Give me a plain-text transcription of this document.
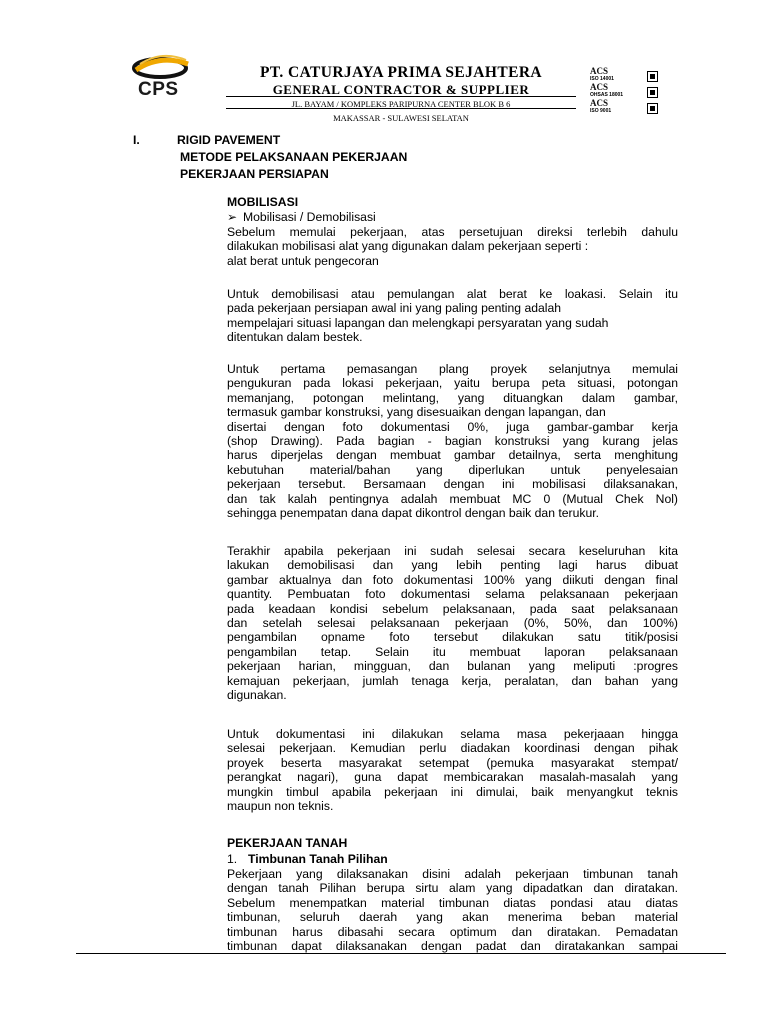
CPS
PT. CATURJAYA PRIMA SEJAHTERA
GENERAL CONTRACTOR & SUPPLIER
JL. BAYAM / KOMPLEKS PARIPURNA CENTER BLOK B 6
MAKASSAR - SULAWESI SELATAN
ACS
ISO 14001
ACS
OHSAS 18001
ACS
ISO 9001
I.	RIGID PAVEMENT
METODE PELAKSANAAN PEKERJAAN
PEKERJAAN PERSIAPAN
MOBILISASI
➢ Mobilisasi / Demobilisasi
Sebelum memulai pekerjaan, atas persetujuan direksi terlebih dahulu
dilakukan mobilisasi alat yang digunakan dalam pekerjaan seperti :
alat berat untuk pengecoran
Untuk demobilisasi atau pemulangan alat berat ke loakasi. Selain itu
pada pekerjaan persiapan awal ini yang paling penting adalah
mempelajari situasi lapangan dan melengkapi persyaratan yang sudah
ditentukan dalam bestek.
Untuk pertama pemasangan plang proyek selanjutnya memulai
pengukuran pada lokasi pekerjaan, yaitu berupa peta situasi, potongan
memanjang, potongan melintang, yang dituangkan dalam gambar,
termasuk gambar konstruksi, yang disesuaikan dengan lapangan, dan
disertai dengan foto dokumentasi 0%, juga gambar-gambar kerja
(shop Drawing). Pada bagian - bagian konstruksi yang kurang jelas
harus diperjelas dengan membuat gambar detailnya, serta menghitung
kebutuhan material/bahan yang diperlukan untuk penyelesaian
pekerjaan tersebut. Bersamaan dengan ini mobilisasi dilaksanakan,
dan tak kalah pentingnya adalah membuat MC 0 (Mutual Chek Nol)
sehingga penempatan dana dapat dikontrol dengan baik dan terukur.
Terakhir apabila pekerjaan ini sudah selesai secara keseluruhan kita
lakukan demobilisasi dan yang lebih penting lagi harus dibuat
gambar aktualnya dan foto dokumentasi 100% yang diikuti dengan final
quantity. Pembuatan foto dokumentasi selama pelaksanaan pekerjaan
pada keadaan kondisi sebelum pelaksanaan, pada saat pelaksanaan
dan setelah selesai pelaksanaan pekerjaan (0%, 50%, dan 100%)
pengambilan opname foto tersebut dilakukan satu titik/posisi
pengambilan tetap. Selain itu membuat laporan pelaksanaan
pekerjaan harian, mingguan, dan bulanan yang meliputi :progres
kemajuan pekerjaan, jumlah tenaga kerja, peralatan, dan bahan yang
digunakan.
Untuk dokumentasi ini dilakukan selama masa pekerjaaan hingga
selesai pekerjaan. Kemudian perlu diadakan koordinasi dengan pihak
proyek beserta masyarakat setempat (pemuka masyarakat stempat/
perangkat nagari), guna dapat membicarakan masalah-masalah yang
mungkin timbul apabila pekerjaan ini dimulai, baik menyangkut teknis
maupun non teknis.
PEKERJAAN TANAH
1. Timbunan Tanah Pilihan
Pekerjaan yang dilaksanakan disini adalah pekerjaan timbunan tanah
dengan tanah Pilihan berupa sirtu alam yang dipadatkan dan diratakan.
Sebelum menempatkan material timbunan diatas pondasi atau diatas
timbunan, seluruh daerah yang akan menerima beban material
timbunan harus dibasahi secara optimum dan diratakan. Pemadatan
timbunan dapat dilaksanakan dengan padat dan diratakankan sampai
